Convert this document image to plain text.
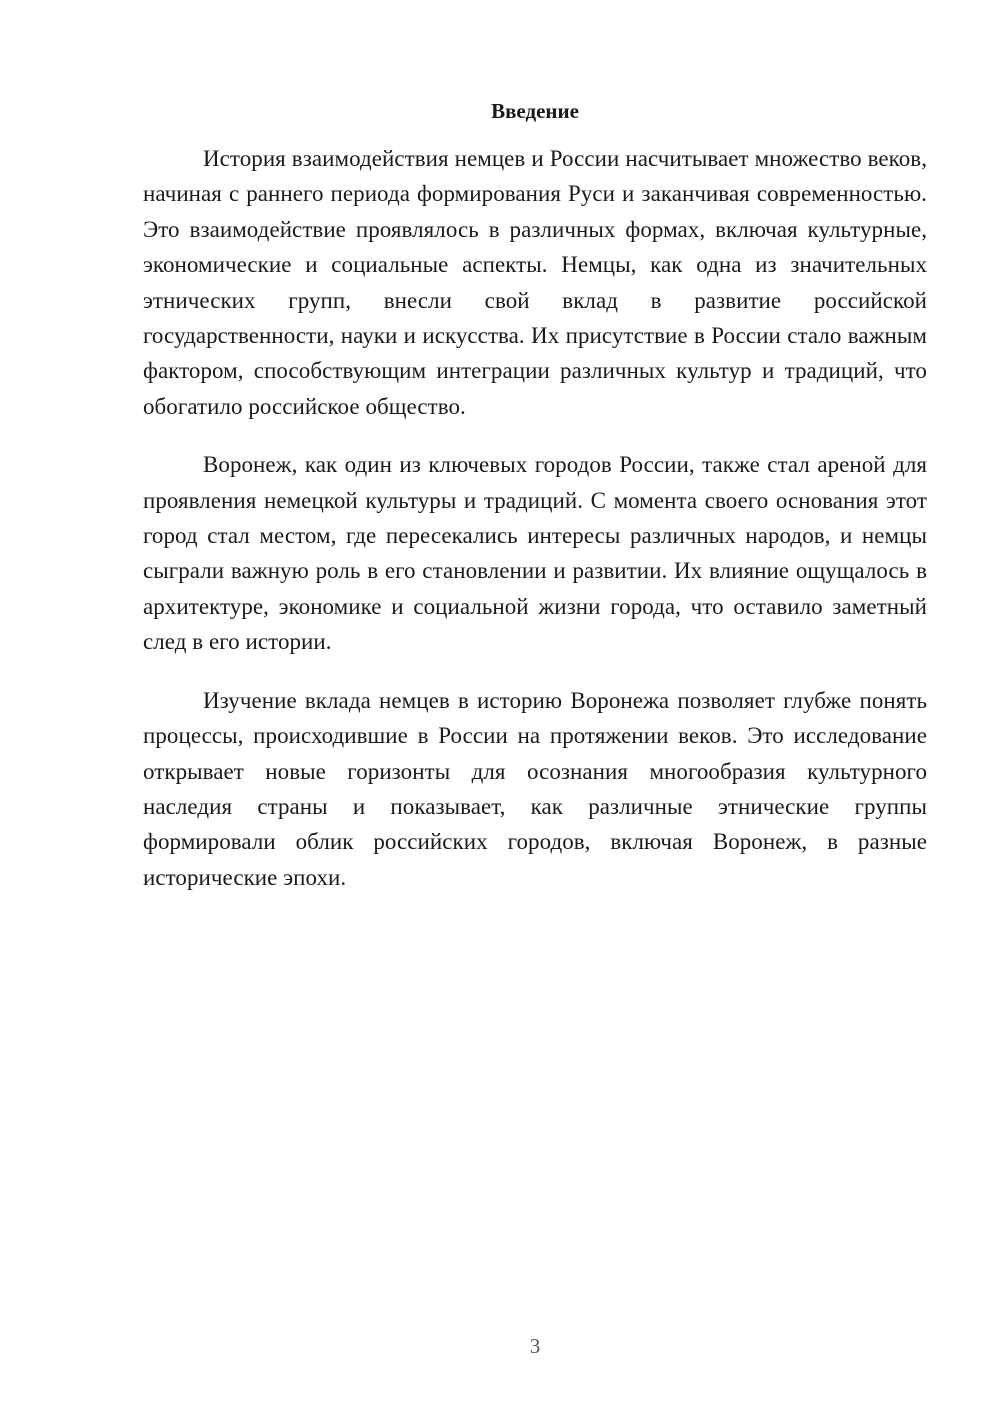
Введение

История взаимодействия немцев и России насчитывает множество веков, начиная с раннего периода формирования Руси и заканчивая современностью. Это взаимодействие проявлялось в различных формах, включая культурные, экономические и социальные аспекты. Немцы, как одна из значительных этнических групп, внесли свой вклад в развитие российской государственности, науки и искусства. Их присутствие в России стало важным фактором, способствующим интеграции различных культур и традиций, что обогатило российское общество.

Воронеж, как один из ключевых городов России, также стал ареной для проявления немецкой культуры и традиций. С момента своего основания этот город стал местом, где пересекались интересы различных народов, и немцы сыграли важную роль в его становлении и развитии. Их влияние ощущалось в архитектуре, экономике и социальной жизни города, что оставило заметный след в его истории.

Изучение вклада немцев в историю Воронежа позволяет глубже понять процессы, происходившие в России на протяжении веков. Это исследование открывает новые горизонты для осознания многообразия культурного наследия страны и показывает, как различные этнические группы формировали облик российских городов, включая Воронеж, в разные исторические эпохи.

3
